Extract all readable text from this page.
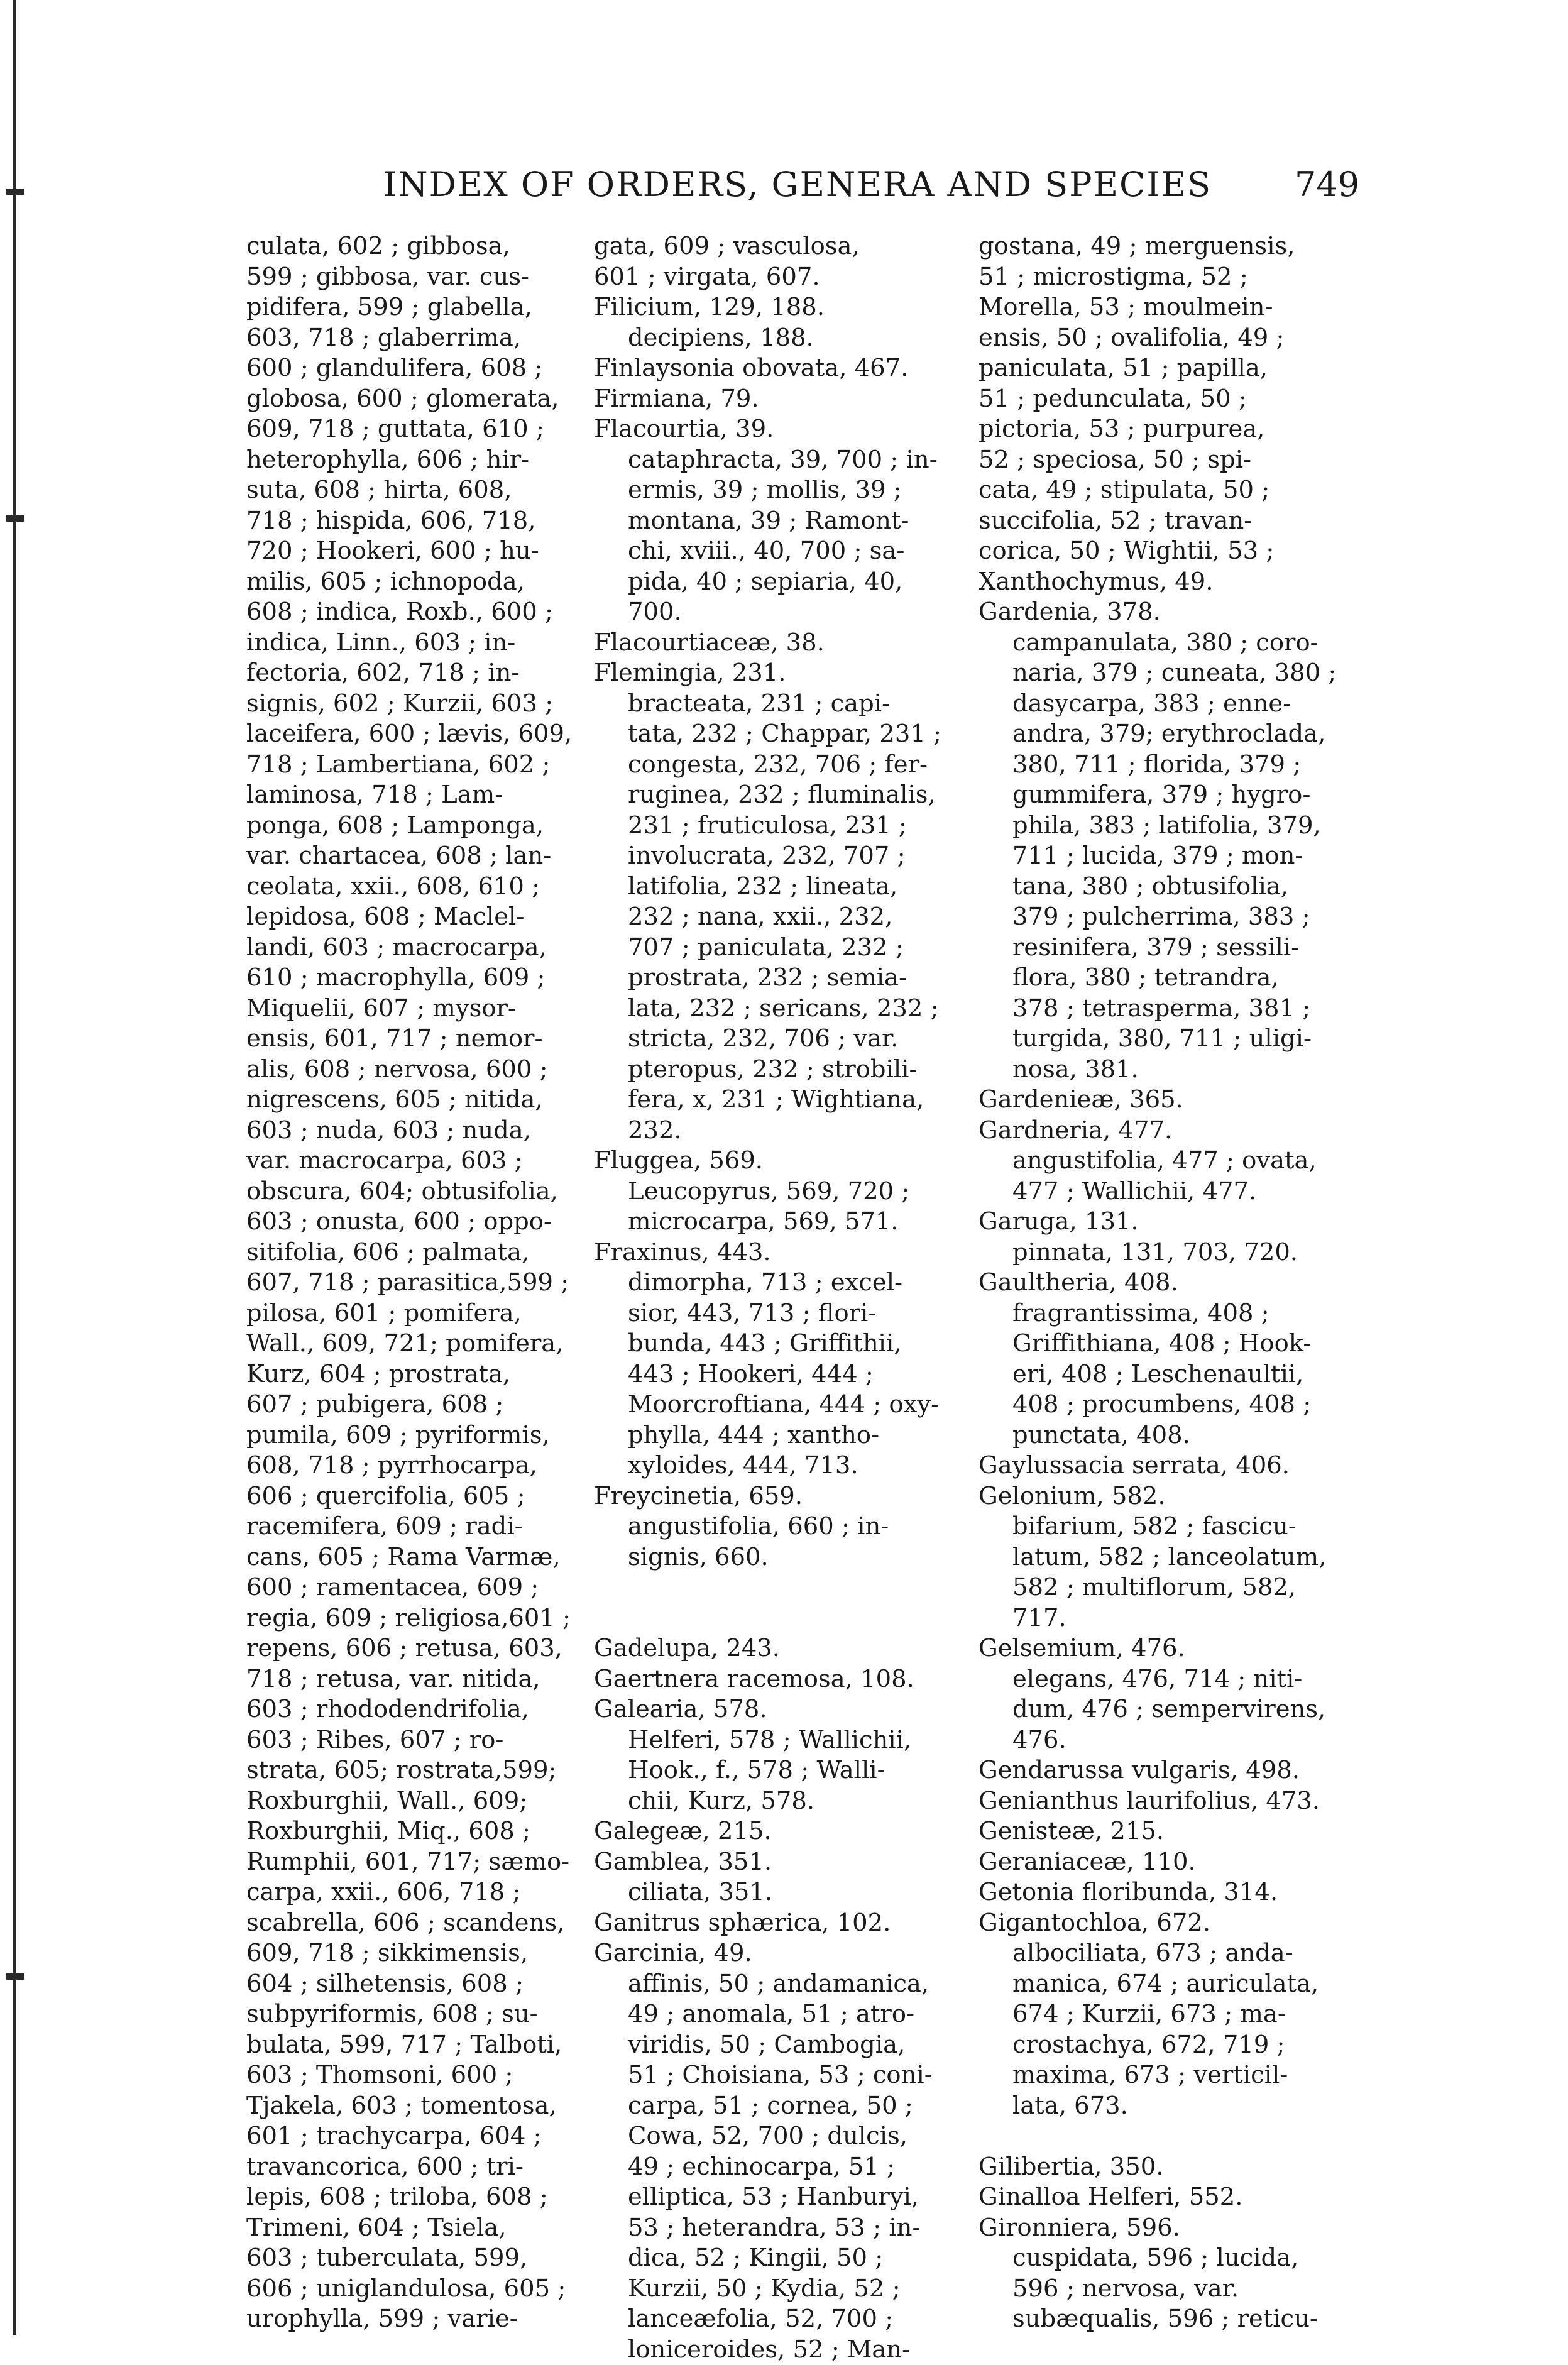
INDEX OF ORDERS, GENERA AND SPECIES 749
culata, 602 ; gibbosa,
599 ; gibbosa, var. cus-
pidifera, 599 ; glabella,
603, 718 ; glaberrima,
600 ; glandulifera, 608 ;
globosa, 600 ; glomerata,
609, 718 ; guttata, 610 ;
heterophylla, 606 ; hir-
suta, 608 ; hirta, 608,
718 ; hispida, 606, 718,
720 ; Hookeri, 600 ; hu-
milis, 605 ; ichnopoda,
608 ; indica, Roxb., 600 ;
indica, Linn., 603 ; in-
fectoria, 602, 718 ; in-
signis, 602 ; Kurzii, 603 ;
laceifera, 600 ; lævis, 609,
718 ; Lambertiana, 602 ;
laminosa, 718 ; Lam-
ponga, 608 ; Lamponga,
var. chartacea, 608 ; lan-
ceolata, xxii., 608, 610 ;
lepidosa, 608 ; Maclel-
landi, 603 ; macrocarpa,
610 ; macrophylla, 609 ;
Miquelii, 607 ; mysor-
ensis, 601, 717 ; nemor-
alis, 608 ; nervosa, 600 ;
nigrescens, 605 ; nitida,
603 ; nuda, 603 ; nuda,
var. macrocarpa, 603 ;
obscura, 604; obtusifolia,
603 ; onusta, 600 ; oppo-
sitifolia, 606 ; palmata,
607, 718 ; parasitica,599 ;
pilosa, 601 ; pomifera,
Wall., 609, 721; pomifera,
Kurz, 604 ; prostrata,
607 ; pubigera, 608 ;
pumila, 609 ; pyriformis,
608, 718 ; pyrrhocarpa,
606 ; quercifolia, 605 ;
racemifera, 609 ; radi-
cans, 605 ; Rama Varmæ,
600 ; ramentacea, 609 ;
regia, 609 ; religiosa,601 ;
repens, 606 ; retusa, 603,
718 ; retusa, var. nitida,
603 ; rhododendrifolia,
603 ; Ribes, 607 ; ro-
strata, 605; rostrata,599;
Roxburghii, Wall., 609;
Roxburghii, Miq., 608 ;
Rumphii, 601, 717; sæmo-
carpa, xxii., 606, 718 ;
scabrella, 606 ; scandens,
609, 718 ; sikkimensis,
604 ; silhetensis, 608 ;
subpyriformis, 608 ; su-
bulata, 599, 717 ; Talboti,
603 ; Thomsoni, 600 ;
Tjakela, 603 ; tomentosa,
601 ; trachycarpa, 604 ;
travancorica, 600 ; tri-
lepis, 608 ; triloba, 608 ;
Trimeni, 604 ; Tsiela,
603 ; tuberculata, 599,
606 ; uniglandulosa, 605 ;
urophylla, 599 ; varie-
gata, 609 ; vasculosa,
601 ; virgata, 607.
Filicium, 129, 188.
decipiens, 188.
Finlaysonia obovata, 467.
Firmiana, 79.
Flacourtia, 39.
cataphracta, 39, 700 ; in-
ermis, 39 ; mollis, 39 ;
montana, 39 ; Ramont-
chi, xviii., 40, 700 ; sa-
pida, 40 ; sepiaria, 40,
700.
Flacourtiaceæ, 38.
Flemingia, 231.
bracteata, 231 ; capi-
tata, 232 ; Chappar, 231 ;
congesta, 232, 706 ; fer-
ruginea, 232 ; fluminalis,
231 ; fruticulosa, 231 ;
involucrata, 232, 707 ;
latifolia, 232 ; lineata,
232 ; nana, xxii., 232,
707 ; paniculata, 232 ;
prostrata, 232 ; semia-
lata, 232 ; sericans, 232 ;
stricta, 232, 706 ; var.
pteropus, 232 ; strobili-
fera, x, 231 ; Wightiana,
232.
Fluggea, 569.
Leucopyrus, 569, 720 ;
microcarpa, 569, 571.
Fraxinus, 443.
dimorpha, 713 ; excel-
sior, 443, 713 ; flori-
bunda, 443 ; Griffithii,
443 ; Hookeri, 444 ;
Moorcroftiana, 444 ; oxy-
phylla, 444 ; xantho-
xyloides, 444, 713.
Freycinetia, 659.
angustifolia, 660 ; in-
signis, 660.
Gadelupa, 243.
Gaertnera racemosa, 108.
Galearia, 578.
Helferi, 578 ; Wallichii,
Hook., f., 578 ; Walli-
chii, Kurz, 578.
Galegeæ, 215.
Gamblea, 351.
ciliata, 351.
Ganitrus sphærica, 102.
Garcinia, 49.
affinis, 50 ; andamanica,
49 ; anomala, 51 ; atro-
viridis, 50 ; Cambogia,
51 ; Choisiana, 53 ; coni-
carpa, 51 ; cornea, 50 ;
Cowa, 52, 700 ; dulcis,
49 ; echinocarpa, 51 ;
elliptica, 53 ; Hanburyi,
53 ; heterandra, 53 ; in-
dica, 52 ; Kingii, 50 ;
Kurzii, 50 ; Kydia, 52 ;
lanceæfolia, 52, 700 ;
loniceroides, 52 ; Man-
gostana, 49 ; merguensis,
51 ; microstigma, 52 ;
Morella, 53 ; moulmein-
ensis, 50 ; ovalifolia, 49 ;
paniculata, 51 ; papilla,
51 ; pedunculata, 50 ;
pictoria, 53 ; purpurea,
52 ; speciosa, 50 ; spi-
cata, 49 ; stipulata, 50 ;
succifolia, 52 ; travan-
corica, 50 ; Wightii, 53 ;
Xanthochymus, 49.
Gardenia, 378.
campanulata, 380 ; coro-
naria, 379 ; cuneata, 380 ;
dasycarpa, 383 ; enne-
andra, 379; erythroclada,
380, 711 ; florida, 379 ;
gummifera, 379 ; hygro-
phila, 383 ; latifolia, 379,
711 ; lucida, 379 ; mon-
tana, 380 ; obtusifolia,
379 ; pulcherrima, 383 ;
resinifera, 379 ; sessili-
flora, 380 ; tetrandra,
378 ; tetrasperma, 381 ;
turgida, 380, 711 ; uligi-
nosa, 381.
Gardenieæ, 365.
Gardneria, 477.
angustifolia, 477 ; ovata,
477 ; Wallichii, 477.
Garuga, 131.
pinnata, 131, 703, 720.
Gaultheria, 408.
fragrantissima, 408 ;
Griffithiana, 408 ; Hook-
eri, 408 ; Leschenaultii,
408 ; procumbens, 408 ;
punctata, 408.
Gaylussacia serrata, 406.
Gelonium, 582.
bifarium, 582 ; fascicu-
latum, 582 ; lanceolatum,
582 ; multiflorum, 582,
717.
Gelsemium, 476.
elegans, 476, 714 ; niti-
dum, 476 ; sempervirens,
476.
Gendarussa vulgaris, 498.
Genianthus laurifolius, 473.
Genisteæ, 215.
Geraniaceæ, 110.
Getonia floribunda, 314.
Gigantochloa, 672.
albociliata, 673 ; anda-
manica, 674 ; auriculata,
674 ; Kurzii, 673 ; ma-
crostachya, 672, 719 ;
maxima, 673 ; verticil-
lata, 673.
Gilibertia, 350.
Ginalloa Helferi, 552.
Gironniera, 596.
cuspidata, 596 ; lucida,
596 ; nervosa, var.
subæqualis, 596 ; reticu-
